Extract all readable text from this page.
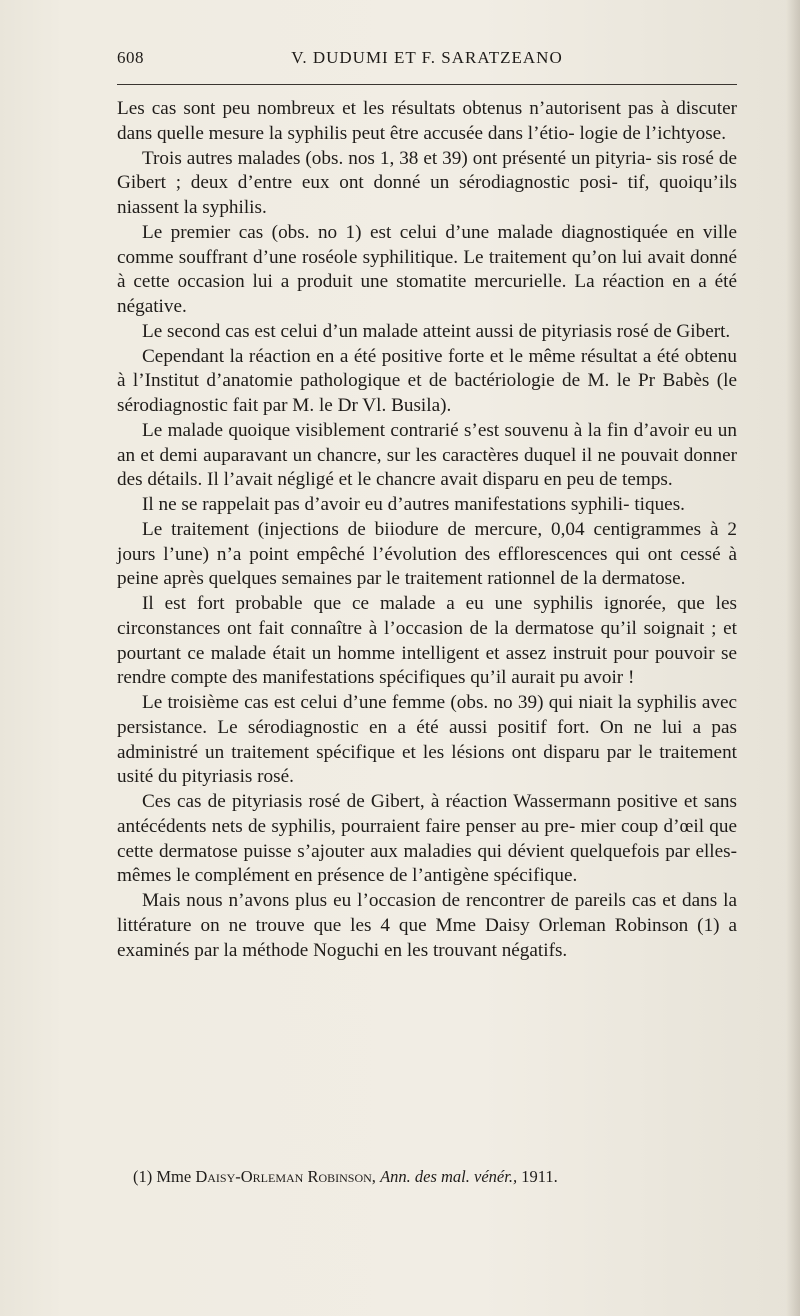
608	V. DUDUMI ET F. SARATZEANO

Les cas sont peu nombreux et les résultats obtenus n’autorisent pas à discuter dans quelle mesure la syphilis peut être accusée dans l’étio- logie de l’ichtyose.

Trois autres malades (obs. nos 1, 38 et 39) ont présenté un pityria- sis rosé de Gibert ; deux d’entre eux ont donné un sérodiagnostic posi- tif, quoiqu’ils niassent la syphilis.

Le premier cas (obs. no 1) est celui d’une malade diagnostiquée en ville comme souffrant d’une roséole syphilitique. Le traitement qu’on lui avait donné à cette occasion lui a produit une stomatite mercurielle. La réaction en a été négative.

Le second cas est celui d’un malade atteint aussi de pityriasis rosé de Gibert.

Cependant la réaction en a été positive forte et le même résultat a été obtenu à l’Institut d’anatomie pathologique et de bactériologie de M. le Pr Babès (le sérodiagnostic fait par M. le Dr Vl. Busila).

Le malade quoique visiblement contrarié s’est souvenu à la fin d’avoir eu un an et demi auparavant un chancre, sur les caractères duquel il ne pouvait donner des détails. Il l’avait négligé et le chancre avait disparu en peu de temps.

Il ne se rappelait pas d’avoir eu d’autres manifestations syphili- tiques.

Le traitement (injections de biiodure de mercure, 0,04 centigrammes à 2 jours l’une) n’a point empêché l’évolution des efflorescences qui ont cessé à peine après quelques semaines par le traitement rationnel de la dermatose.

Il est fort probable que ce malade a eu une syphilis ignorée, que les circonstances ont fait connaître à l’occasion de la dermatose qu’il soignait ; et pourtant ce malade était un homme intelligent et assez instruit pour pouvoir se rendre compte des manifestations spécifiques qu’il aurait pu avoir !

Le troisième cas est celui d’une femme (obs. no 39) qui niait la syphilis avec persistance. Le sérodiagnostic en a été aussi positif fort. On ne lui a pas administré un traitement spécifique et les lésions ont disparu par le traitement usité du pityriasis rosé.

Ces cas de pityriasis rosé de Gibert, à réaction Wassermann positive et sans antécédents nets de syphilis, pourraient faire penser au pre- mier coup d’œil que cette dermatose puisse s’ajouter aux maladies qui dévient quelquefois par elles-mêmes le complément en présence de l’antigène spécifique.

Mais nous n’avons plus eu l’occasion de rencontrer de pareils cas et dans la littérature on ne trouve que les 4 que Mme Daisy Orleman Robinson (1) a examinés par la méthode Noguchi en les trouvant négatifs.

(1) Mme Daisy-Orleman Robinson, Ann. des mal. vénér., 1911.
